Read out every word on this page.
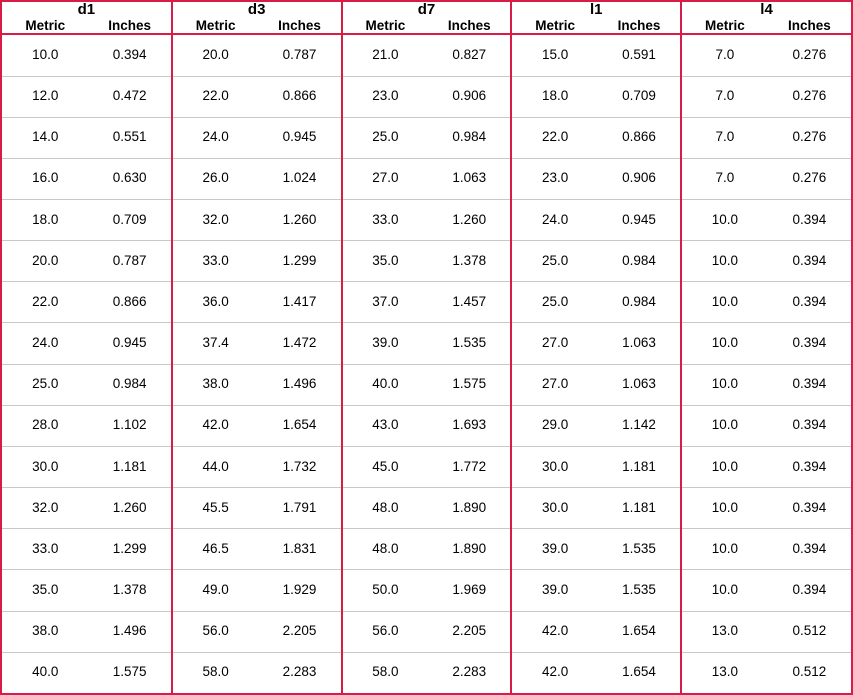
d1		d3		d7		l1		l4	
Metric	Inches	Metric	Inches	Metric	Inches	Metric	Inches	Metric	Inches
10.0	0.394	20.0	0.787	21.0	0.827	15.0	0.591	7.0	0.276
12.0	0.472	22.0	0.866	23.0	0.906	18.0	0.709	7.0	0.276
14.0	0.551	24.0	0.945	25.0	0.984	22.0	0.866	7.0	0.276
16.0	0.630	26.0	1.024	27.0	1.063	23.0	0.906	7.0	0.276
18.0	0.709	32.0	1.260	33.0	1.260	24.0	0.945	10.0	0.394
20.0	0.787	33.0	1.299	35.0	1.378	25.0	0.984	10.0	0.394
22.0	0.866	36.0	1.417	37.0	1.457	25.0	0.984	10.0	0.394
24.0	0.945	37.4	1.472	39.0	1.535	27.0	1.063	10.0	0.394
25.0	0.984	38.0	1.496	40.0	1.575	27.0	1.063	10.0	0.394
28.0	1.102	42.0	1.654	43.0	1.693	29.0	1.142	10.0	0.394
30.0	1.181	44.0	1.732	45.0	1.772	30.0	1.181	10.0	0.394
32.0	1.260	45.5	1.791	48.0	1.890	30.0	1.181	10.0	0.394
33.0	1.299	46.5	1.831	48.0	1.890	39.0	1.535	10.0	0.394
35.0	1.378	49.0	1.929	50.0	1.969	39.0	1.535	10.0	0.394
38.0	1.496	56.0	2.205	56.0	2.205	42.0	1.654	13.0	0.512
40.0	1.575	58.0	2.283	58.0	2.283	42.0	1.654	13.0	0.512
